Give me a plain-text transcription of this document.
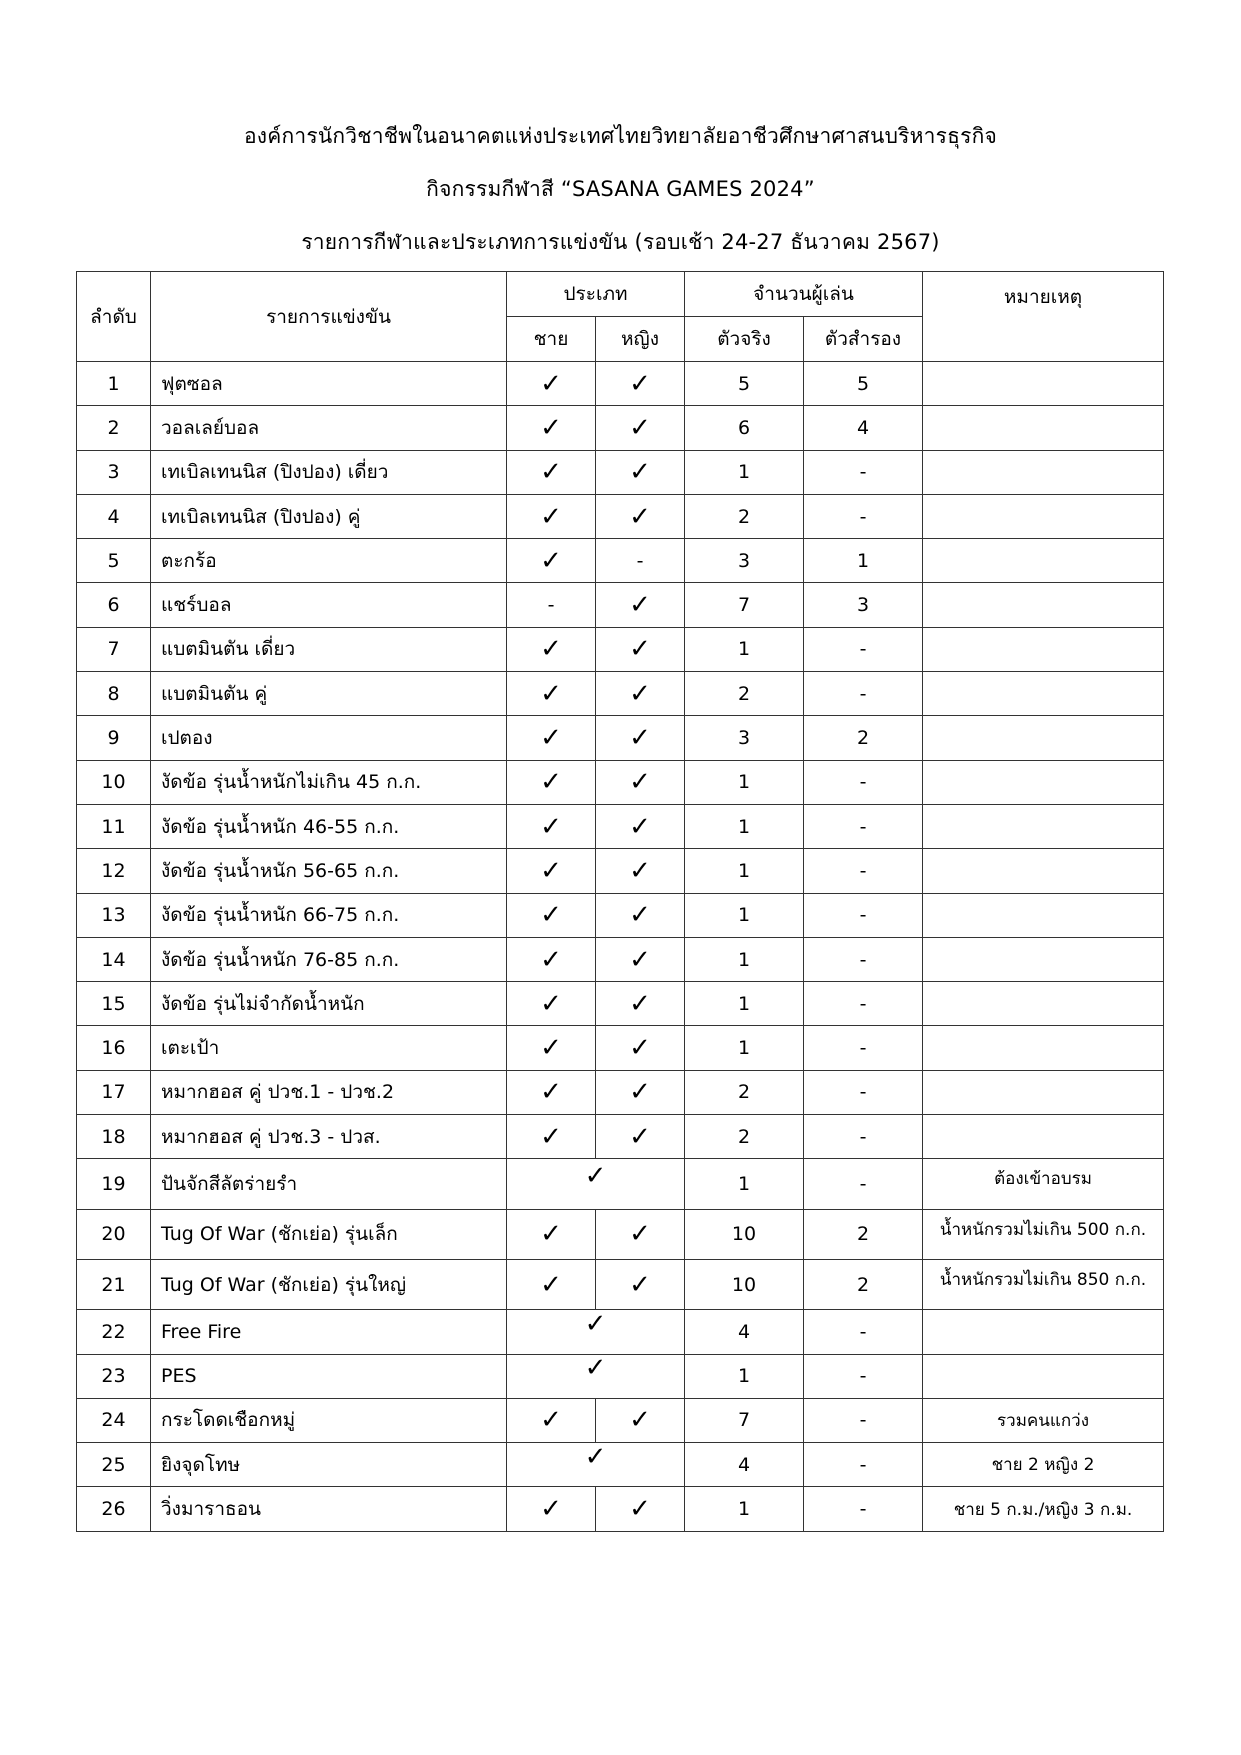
องค์การนักวิชาชีพในอนาคตแห่งประเทศไทยวิทยาลัยอาชีวศึกษาศาสนบริหารธุรกิจ
กิจกรรมกีฬาสี “SASANA GAMES 2024”
รายการกีฬาและประเภทการแข่งขัน (รอบเช้า 24-27 ธันวาคม 2567)
ลำดับ	รายการแข่งขัน	ประเภท		จำนวนผู้เล่น		หมายเหตุ
		ชาย	หญิง	ตัวจริง	ตัวสำรอง	
1	ฟุตซอล	✓	✓	5	5	
2	วอลเลย์บอล	✓	✓	6	4	
3	เทเบิลเทนนิส (ปิงปอง) เดี่ยว	✓	✓	1	-	
4	เทเบิลเทนนิส (ปิงปอง) คู่	✓	✓	2	-	
5	ตะกร้อ	✓	-	3	1	
6	แชร์บอล	-	✓	7	3	
7	แบตมินตัน เดี่ยว	✓	✓	1	-	
8	แบตมินตัน คู่	✓	✓	2	-	
9	เปตอง	✓	✓	3	2	
10	งัดข้อ รุ่นน้ำหนักไม่เกิน 45 ก.ก.	✓	✓	1	-	
11	งัดข้อ รุ่นน้ำหนัก 46-55 ก.ก.	✓	✓	1	-	
12	งัดข้อ รุ่นน้ำหนัก 56-65 ก.ก.	✓	✓	1	-	
13	งัดข้อ รุ่นน้ำหนัก 66-75 ก.ก.	✓	✓	1	-	
14	งัดข้อ รุ่นน้ำหนัก 76-85 ก.ก.	✓	✓	1	-	
15	งัดข้อ รุ่นไม่จำกัดน้ำหนัก	✓	✓	1	-	
16	เตะเป้า	✓	✓	1	-	
17	หมากฮอส คู่ ปวช.1 - ปวช.2	✓	✓	2	-	
18	หมากฮอส คู่ ปวช.3 - ปวส.	✓	✓	2	-	
19	ปันจักสีลัตร่ายรำ	✓		1	-	ต้องเข้าอบรม
20	Tug Of War (ชักเย่อ) รุ่นเล็ก	✓	✓	10	2	น้ำหนักรวมไม่เกิน 500 ก.ก.
21	Tug Of War (ชักเย่อ) รุ่นใหญ่	✓	✓	10	2	น้ำหนักรวมไม่เกิน 850 ก.ก.
22	Free Fire	✓		4	-	
23	PES	✓		1	-	
24	กระโดดเชือกหมู่	✓	✓	7	-	รวมคนแกว่ง
25	ยิงจุดโทษ	✓		4	-	ชาย 2 หญิง 2
26	วิ่งมาราธอน	✓	✓	1	-	ชาย 5 ก.ม./หญิง 3 ก.ม.
